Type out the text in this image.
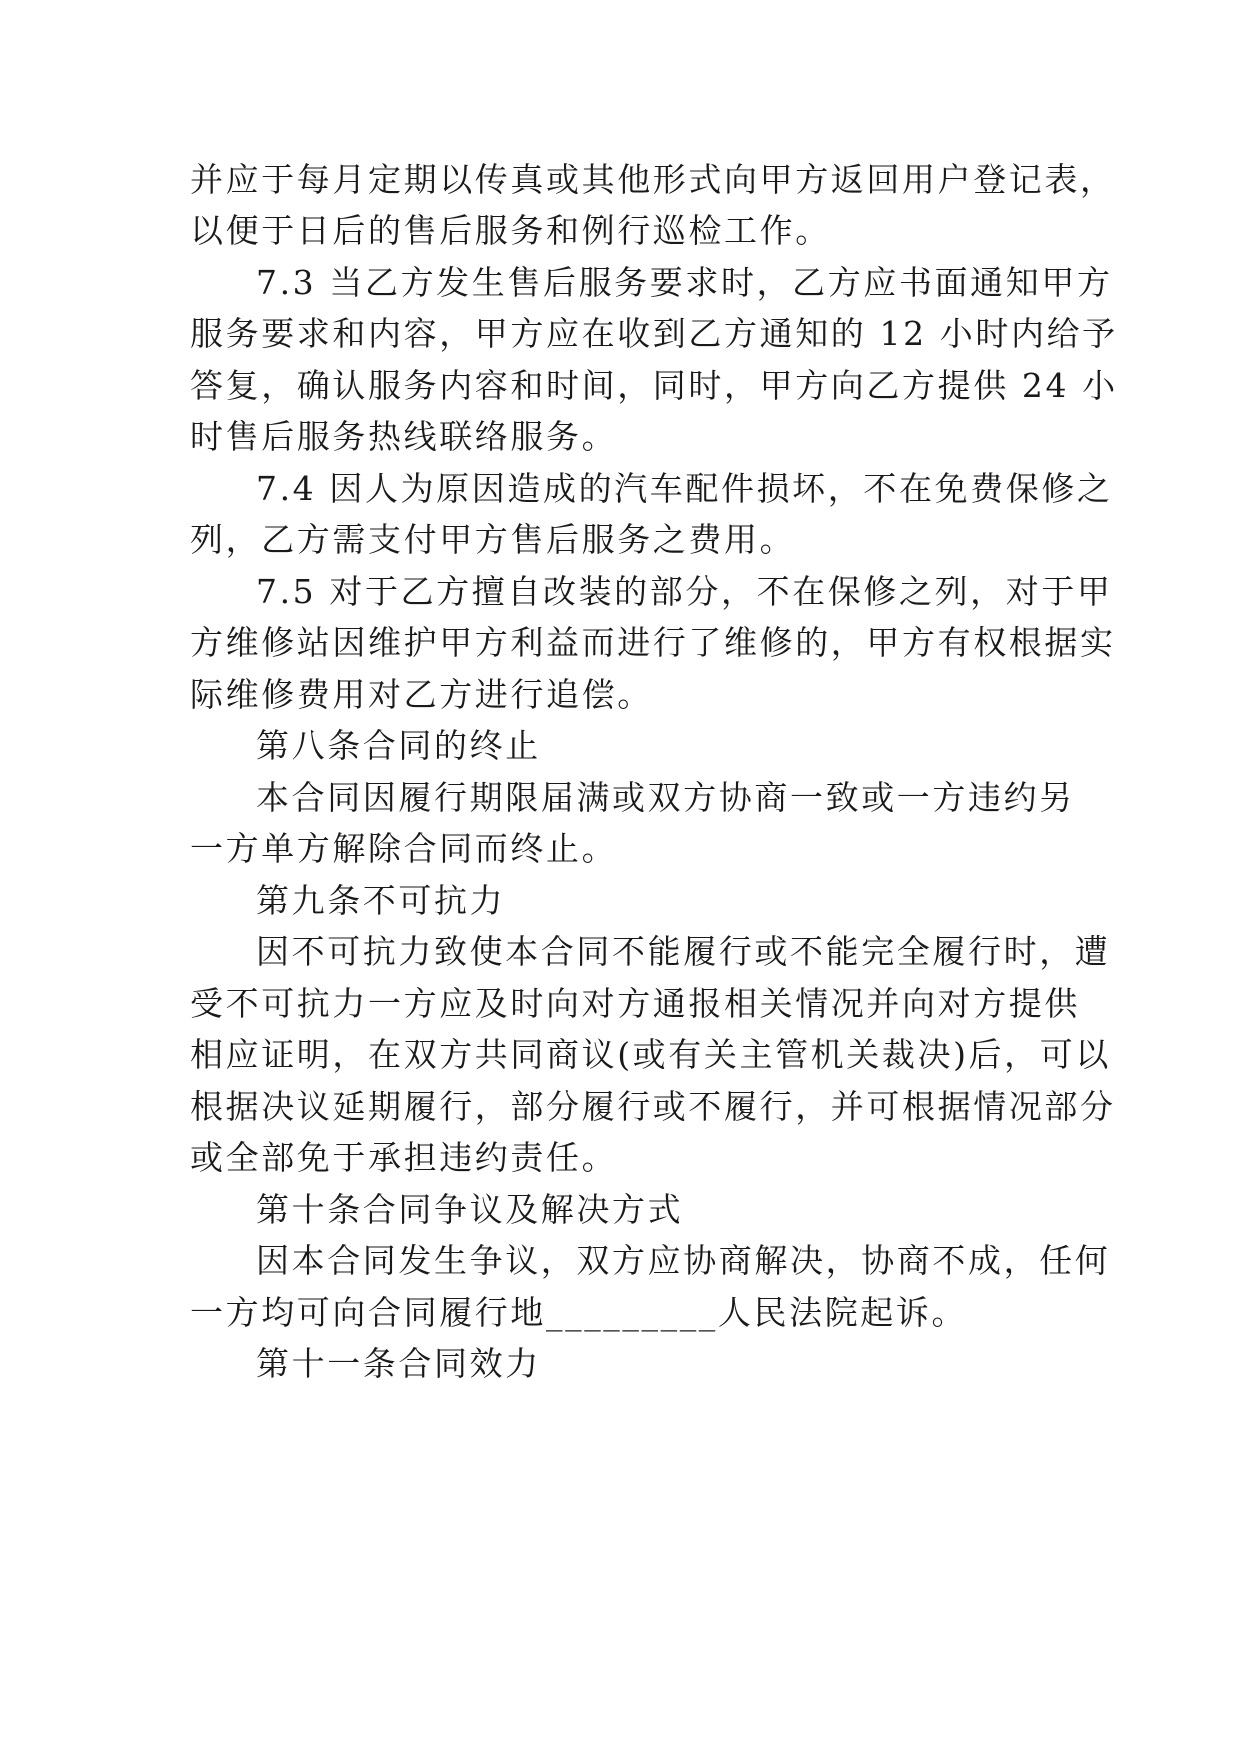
并应于每月定期以传真或其他形式向甲方返回用户登记表，
以便于日后的售后服务和例行巡检工作。
7.3 当乙方发生售后服务要求时，乙方应书面通知甲方
服务要求和内容，甲方应在收到乙方通知的 12 小时内给予
答复，确认服务内容和时间，同时，甲方向乙方提供 24 小
时售后服务热线联络服务。
7.4 因人为原因造成的汽车配件损坏，不在免费保修之
列，乙方需支付甲方售后服务之费用。
7.5 对于乙方擅自改装的部分，不在保修之列，对于甲
方维修站因维护甲方利益而进行了维修的，甲方有权根据实
际维修费用对乙方进行追偿。
第八条合同的终止
本合同因履行期限届满或双方协商一致或一方违约另
一方单方解除合同而终止。
第九条不可抗力
因不可抗力致使本合同不能履行或不能完全履行时，遭
受不可抗力一方应及时向对方通报相关情况并向对方提供
相应证明，在双方共同商议(或有关主管机关裁决)后，可以
根据决议延期履行，部分履行或不履行，并可根据情况部分
或全部免于承担违约责任。
第十条合同争议及解决方式
因本合同发生争议，双方应协商解决，协商不成，任何
一方均可向合同履行地_________人民法院起诉。
第十一条合同效力
